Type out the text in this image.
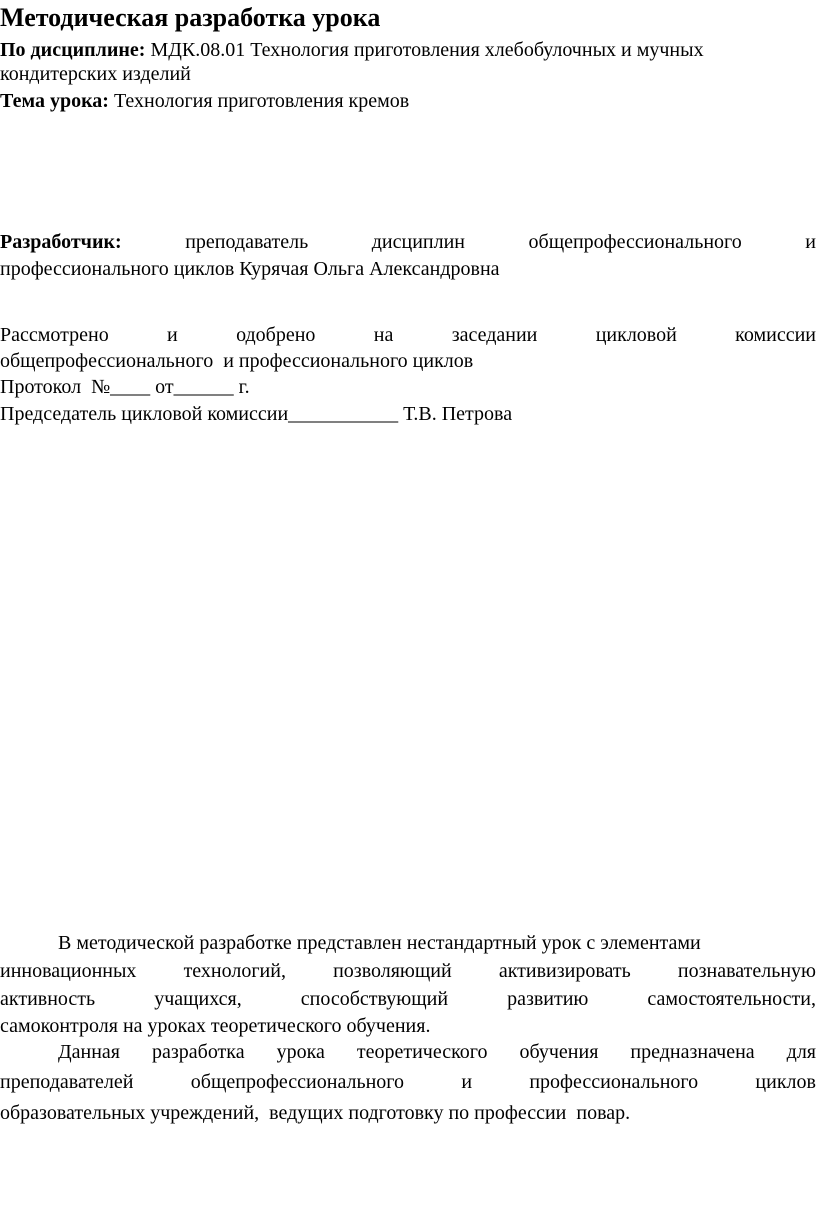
Методическая разработка урока
По дисциплине: МДК.08.01 Технология приготовления хлебобулочных и мучных
кондитерских изделий
Тема урока: Технология приготовления кремов
Разработчик:	преподаватель	дисциплин	общепрофессионального	и
профессионального циклов Курячая Ольга Александровна
Рассмотрено	и	одобрено	на	заседании	цикловой	комиссии
общепрофессионального  и профессионального циклов
Протокол  №____ от______ г.
Председатель цикловой комиссии___________ Т.В. Петрова
В методической разработке представлен нестандартный урок с элементами
инновационных технологий, позволяющий активизировать познавательную
активность	учащихся,	способствующий	развитию	самостоятельности,
самоконтроля на уроках теоретического обучения.
Данная разработка урока теоретического обучения предназначена для
преподавателей	общепрофессионального	и	профессионального	циклов
образовательных учреждений,  ведущих подготовку по профессии  повар.
